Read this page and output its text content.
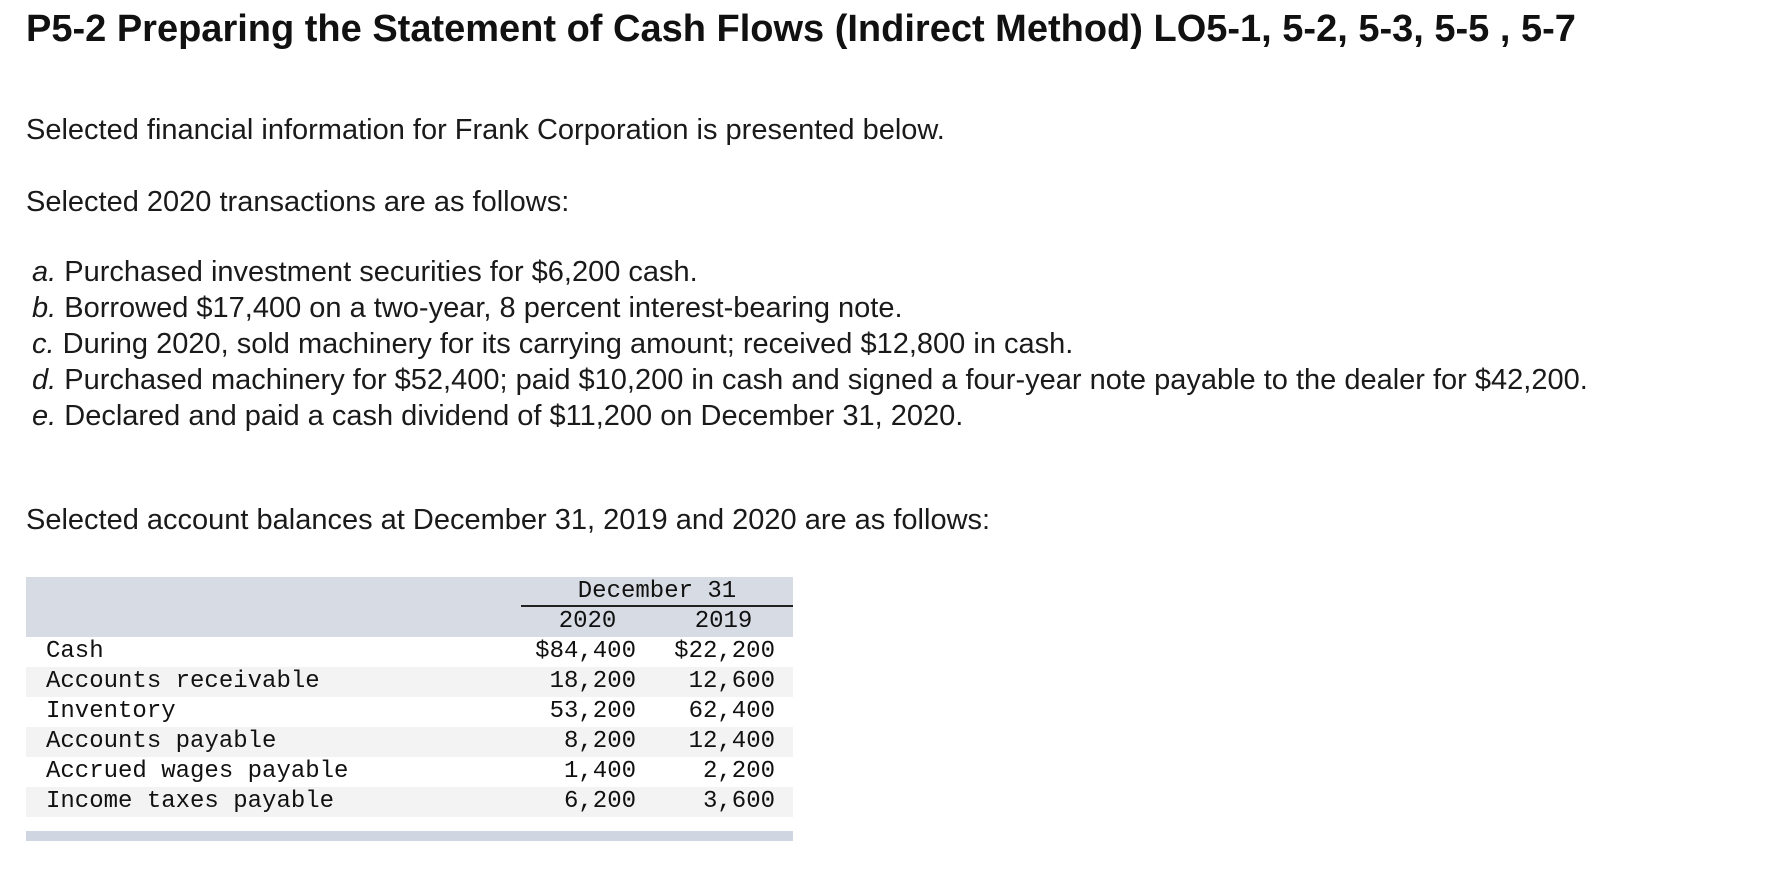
P5-2 Preparing the Statement of Cash Flows (Indirect Method) LO5-1, 5-2, 5-3, 5-5 , 5-7

Selected financial information for Frank Corporation is presented below.

Selected 2020 transactions are as follows:

a. Purchased investment securities for $6,200 cash.
b. Borrowed $17,400 on a two-year, 8 percent interest-bearing note.
c. During 2020, sold machinery for its carrying amount; received $12,800 in cash.
d. Purchased machinery for $52,400; paid $10,200 in cash and signed a four-year note payable to the dealer for $42,200.
e. Declared and paid a cash dividend of $11,200 on December 31, 2020.

Selected account balances at December 31, 2019 and 2020 are as follows:

	December 31	

	2020	2019
Cash	$84,400	$22,200
Accounts receivable	18,200	12,600
Inventory	53,200	62,400
Accounts payable	8,200	12,400
Accrued wages payable	1,400	2,200
Income taxes payable	6,200	3,600
